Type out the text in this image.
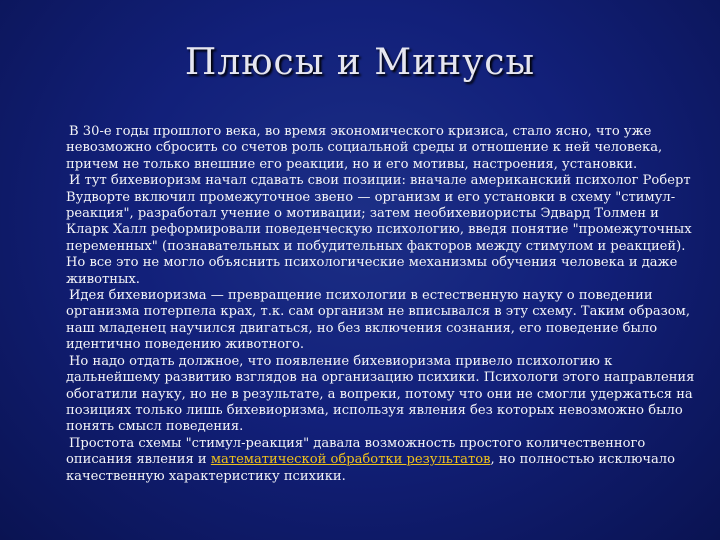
Плюсы и Минусы

В 30-е годы прошлого века, во время экономического кризиса, стало ясно, что уже невозможно сбросить со счетов роль социальной среды и отношение к ней человека, причем не только внешние его реакции, но и его мотивы, настроения, установки.

И тут бихевиоризм начал сдавать свои позиции: вначале американский психолог Роберт Вудворте включил промежуточное звено — организм и его установки в схему "стимул-реакция", разработал учение о мотивации; затем необихевиористы Эдвард Толмен и Кларк Халл реформировали поведенческую психологию, введя понятие "промежуточных переменных" (познавательных и побудительных факторов между стимулом и реакцией). Но все это не могло объяснить психологические механизмы обучения человека и даже животных.

Идея бихевиоризма — превращение психологии в естественную науку о поведении организма потерпела крах, т.к. сам организм не вписывался в эту схему. Таким образом, наш младенец научился двигаться, но без включения сознания, его поведение было идентично поведению животного.

Но надо отдать должное, что появление бихевиоризма привело психологию к дальнейшему развитию взглядов на организацию психики. Психологи этого направления обогатили науку, но не в результате, а вопреки, потому что они не смогли удержаться на позициях только лишь бихевиоризма, используя явления без которых невозможно было понять смысл поведения.

Простота схемы "стимул-реакция" давала возможность простого количественного описания явления и математической обработки результатов, но полностью исключало качественную характеристику психики.
